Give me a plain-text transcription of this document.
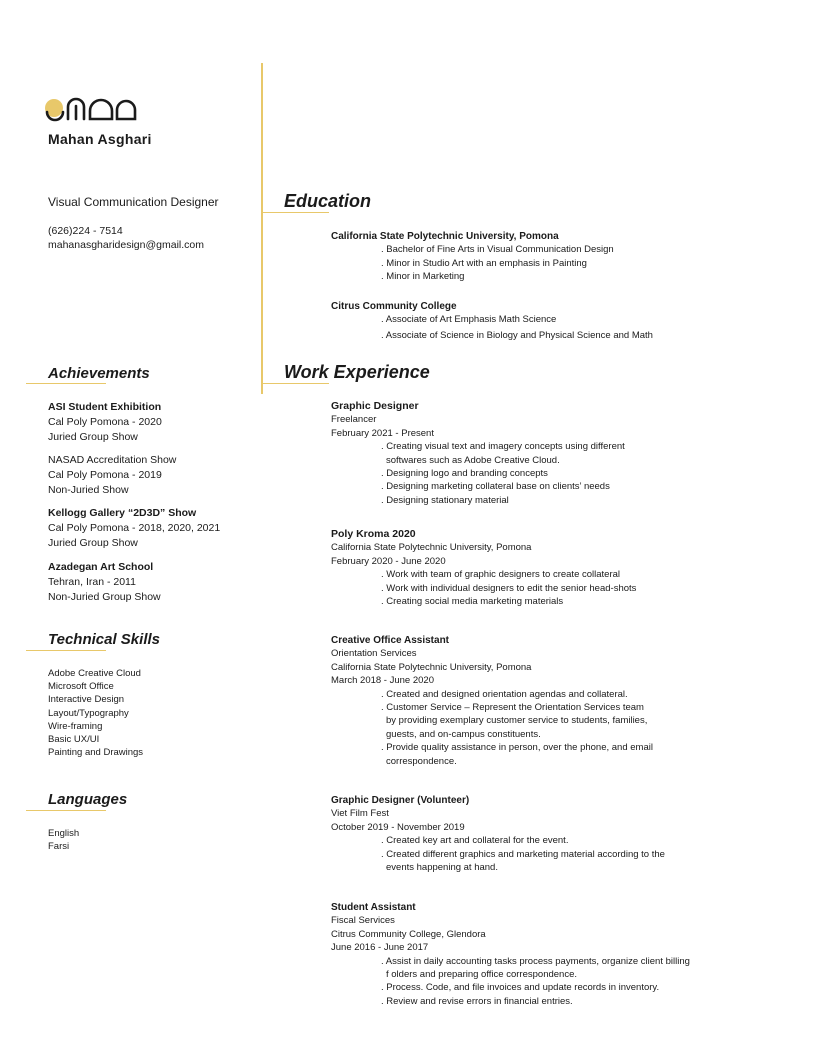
Mahan Asghari
Visual Communication Designer
(626)224 - 7514
mahanasgharidesign@gmail.com
Achievements
ASI Student Exhibition
Cal Poly Pomona - 2020
Juried Group Show
NASAD Accreditation Show
Cal Poly Pomona - 2019
Non-Juried Show
Kellogg Gallery “2D3D” Show
Cal Poly Pomona - 2018, 2020, 2021
Juried Group Show
Azadegan Art School
Tehran, Iran - 2011
Non-Juried Group Show
Technical Skills
Adobe Creative Cloud
Microsoft Office
Interactive Design
Layout/Typography
Wire-framing
Basic UX/UI
Painting and Drawings
Languages
English
Farsi
Education
California State Polytechnic University, Pomona
. Bachelor of Fine Arts in Visual Communication Design
. Minor in Studio Art with an emphasis in Painting
. Minor in Marketing
Citrus Community College
. Associate of Art Emphasis Math Science
. Associate of Science in Biology and Physical Science and Math
Work Experience
Graphic Designer
Freelancer
February 2021 - Present
. Creating visual text and imagery concepts using different softwares such as Adobe Creative Cloud.
. Designing logo and branding concepts
. Designing marketing collateral base on clients’ needs
. Designing stationary material
Poly Kroma 2020
California State Polytechnic University, Pomona
February 2020 - June 2020
. Work with team of graphic designers to create collateral
. Work with individual designers to edit the senior head-shots
. Creating social media marketing materials
Creative Office Assistant
Orientation Services
California State Polytechnic University, Pomona
March 2018 - June 2020
. Created and designed orientation agendas and collateral.
. Customer Service – Represent the Orientation Services team by providing exemplary customer service to students, families, guests, and on-campus constituents.
. Provide quality assistance in person, over the phone, and email correspondence.
Graphic Designer (Volunteer)
Viet Film Fest
October 2019 - November 2019
. Created key art and collateral for the event.
. Created different graphics and marketing material according to the events happening at hand.
Student Assistant
Fiscal Services
Citrus Community College, Glendora
June 2016 - June 2017
. Assist in daily accounting tasks process payments, organize client billing f olders and preparing office correspondence.
. Process. Code, and file invoices and update records in inventory.
. Review and revise errors in financial entries.
